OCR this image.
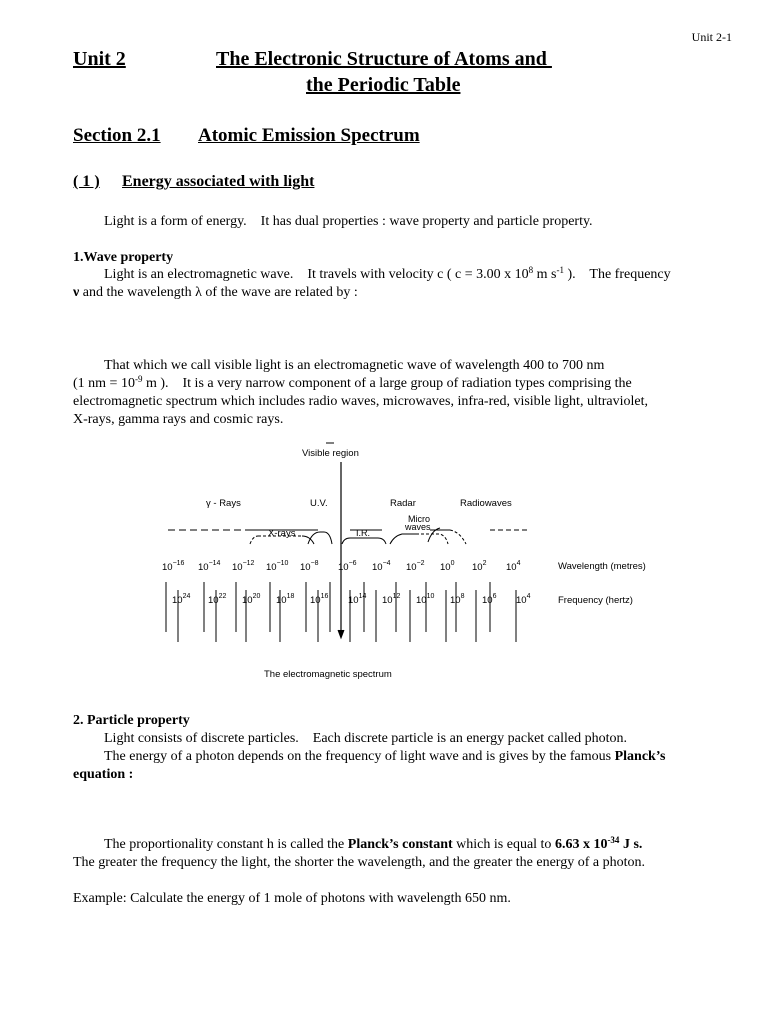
Unit 2-1
Unit 2	The Electronic Structure of Atoms and
the Periodic Table
Section 2.1 Atomic Emission Spectrum
( 1 ) Energy associated with light
Light is a form of energy.    It has dual properties : wave property and particle property.
1.Wave property
Light is an electromagnetic wave.    It travels with velocity c ( c = 3.00 x $10^8$ m $s^{-1}$ ).    The frequency
ν and the wavelength λ of the wave are related by :
That which we call visible light is an electromagnetic wave of wavelength 400 to 700 nm
(1 nm = $10^{-9}$ m ).    It is a very narrow component of a large group of radiation types comprising the
electromagnetic spectrum which includes radio waves, microwaves, infra-red, visible light, ultraviolet,
X-rays, gamma rays and cosmic rays.
Visible region
γ - Rays	U.V.	Radar	Radiowaves
X-rays	I.R.
Micro
waves
$10^{-16}$ $10^{-14}$ $10^{-12}$ $10^{-10}$ $10^{-8}$ $10^{-6}$ $10^{-4}$ $10^{-2}$ $10^0$ $10^2$ $10^4$
$10^{24}$ $10^{22}$ $10^{20}$ $10^{18}$ $10^{16}$ $10^{14}$ $10^{12}$ $10^{10}$ $10^8$ $10^6$ $10^4$
Wavelength (metres)
Frequency (hertz)
The electromagnetic spectrum
2. Particle property
Light consists of discrete particles.    Each discrete particle is an energy packet called photon.
The energy of a photon depends on the frequency of light wave and is gives by the famous Planck’s
equation :
The proportionality constant h is called the Planck’s constant which is equal to 6.63 x $10^{-34}$ J s.
The greater the frequency the light, the shorter the wavelength, and the greater the energy of a photon.
Example: Calculate the energy of 1 mole of photons with wavelength 650 nm.
